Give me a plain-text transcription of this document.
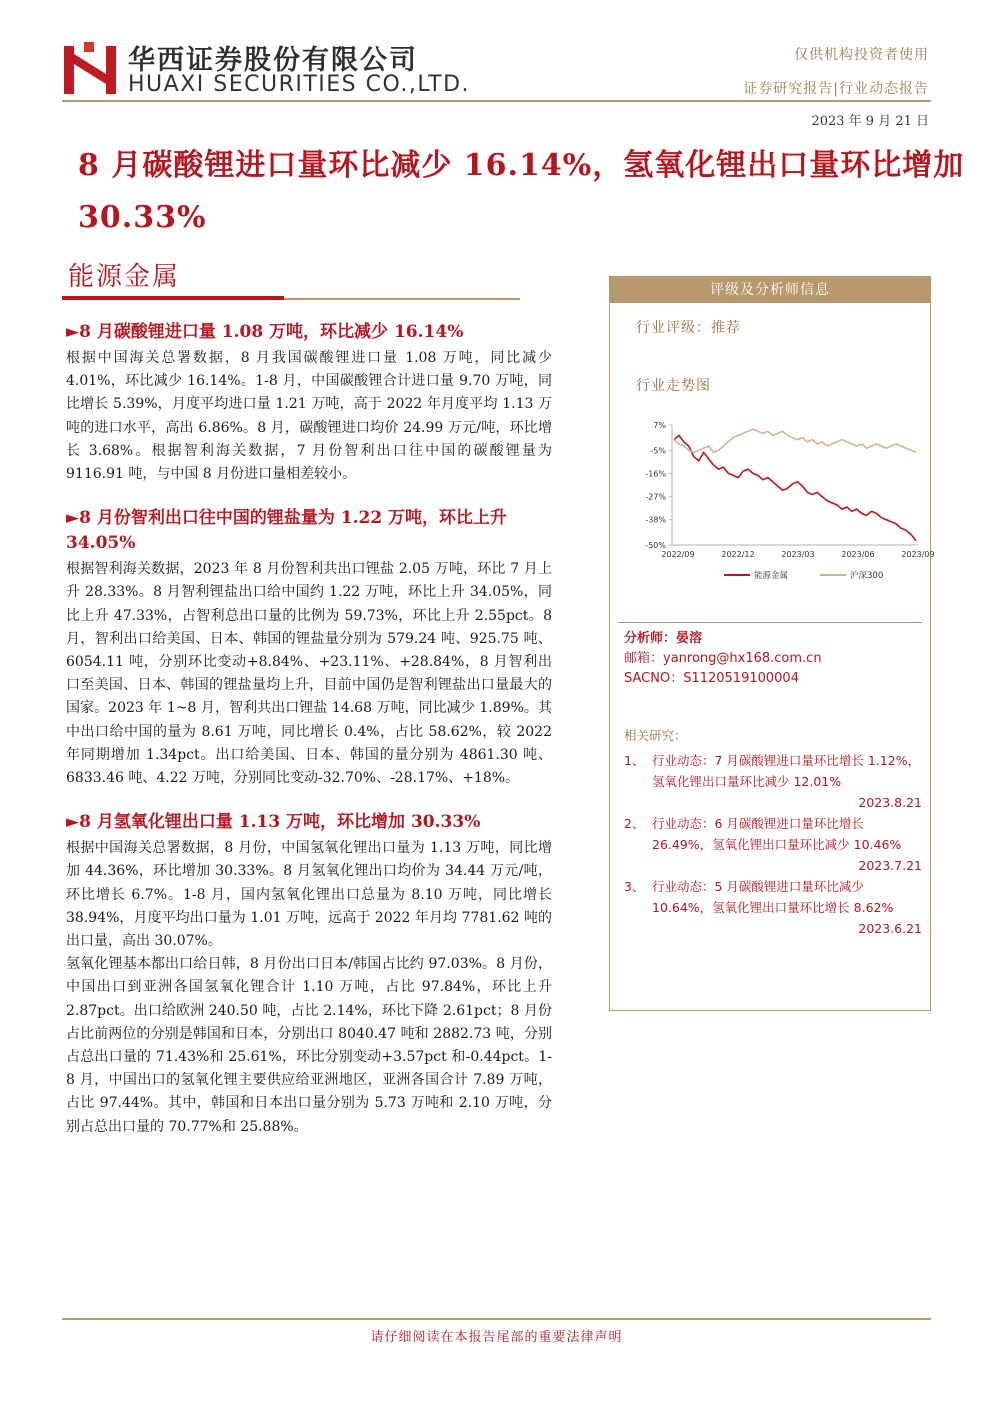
华西证券股份有限公司
HUAXI SECURITIES CO.,LTD.
仅供机构投资者使用
证券研究报告|行业动态报告
2023 年 9 月 21 日
8 月碳酸锂进口量环比减少 16.14%，氢氧化锂出口量环比增加 30.33%
能源金属
►8 月碳酸锂进口量 1.08 万吨，环比减少 16.14%

根据中国海关总署数据，8 月我国碳酸锂进口量 1.08 万吨，同比减少 4.01%，环比减少 16.14%。1-8 月，中国碳酸锂合计进口量 9.70 万吨，同比增长 5.39%，月度平均进口量 1.21 万吨，高于 2022 年月度平均 1.13 万吨的进口水平，高出 6.86%。8 月，碳酸锂进口均价 24.99 万元/吨，环比增长 3.68%。根据智利海关数据，7 月份智利出口往中国的碳酸锂量为 9116.91 吨，与中国 8 月份进口量相差较小。

►8 月份智利出口往中国的锂盐量为 1.22 万吨，环比上升 34.05%

根据智利海关数据，2023 年 8 月份智利共出口锂盐 2.05 万吨，环比 7 月上升 28.33%。8 月智利锂盐出口给中国约 1.22 万吨，环比上升 34.05%，同比上升 47.33%，占智利总出口量的比例为 59.73%，环比上升 2.55pct。8 月，智利出口给美国、日本、韩国的锂盐量分别为 579.24 吨、925.75 吨、6054.11 吨，分别环比变动+8.84%、+23.11%、+28.84%，8 月智利出口至美国、日本、韩国的锂盐量均上升，目前中国仍是智利锂盐出口量最大的国家。2023 年 1~8 月，智利共出口锂盐 14.68 万吨，同比减少 1.89%。其中出口给中国的量为 8.61 万吨，同比增长 0.4%，占比 58.62%，较 2022 年同期增加 1.34pct。出口给美国、日本、韩国的量分别为 4861.30 吨、6833.46 吨、4.22 万吨，分别同比变动-32.70%、-28.17%、+18%。

►8 月氢氧化锂出口量 1.13 万吨，环比增加 30.33%

根据中国海关总署数据，8 月份，中国氢氧化锂出口量为 1.13 万吨，同比增加 44.36%，环比增加 30.33%。8 月氢氧化锂出口均价为 34.44 万元/吨，环比增长 6.7%。1-8 月，国内氢氧化锂出口总量为 8.10 万吨，同比增长 38.94%，月度平均出口量为 1.01 万吨，远高于 2022 年月均 7781.62 吨的出口量，高出 30.07%。

氢氧化锂基本都出口给日韩，8 月份出口日本/韩国占比约 97.03%。8 月份，中国出口到亚洲各国氢氧化锂合计 1.10 万吨，占比 97.84%，环比上升 2.87pct。出口给欧洲 240.50 吨，占比 2.14%，环比下降 2.61pct；8 月份占比前两位的分别是韩国和日本，分别出口 8040.47 吨和 2882.73 吨，分别占总出口量的 71.43%和 25.61%，环比分别变动+3.57pct 和-0.44pct。1-8 月，中国出口的氢氧化锂主要供应给亚洲地区，亚洲各国合计 7.89 万吨，占比 97.44%。其中，韩国和日本出口量分别为 5.73 万吨和 2.10 万吨，分别占总出口量的 70.77%和 25.88%。

评级及分析师信息
行业评级：推荐
行业走势图
7%
-5%
-16%
-27%
-38%
-50%
2022/09	2022/12	2023/03	2023/06	2023/09
能源金属	沪深300
分析师：晏溶
邮箱：yanrong@hx168.com.cn
SACNO：S1120519100004
相关研究：
1、 行业动态：7 月碳酸锂进口量环比增长 1.12%，氢氧化锂出口量环比减少 12.01%
2023.8.21
2、 行业动态：6 月碳酸锂进口量环比增长 26.49%，氢氧化锂出口量环比减少 10.46%
2023.7.21
3、 行业动态：5 月碳酸锂进口量环比减少 10.64%，氢氧化锂出口量环比增长 8.62%
2023.6.21
请仔细阅读在本报告尾部的重要法律声明
